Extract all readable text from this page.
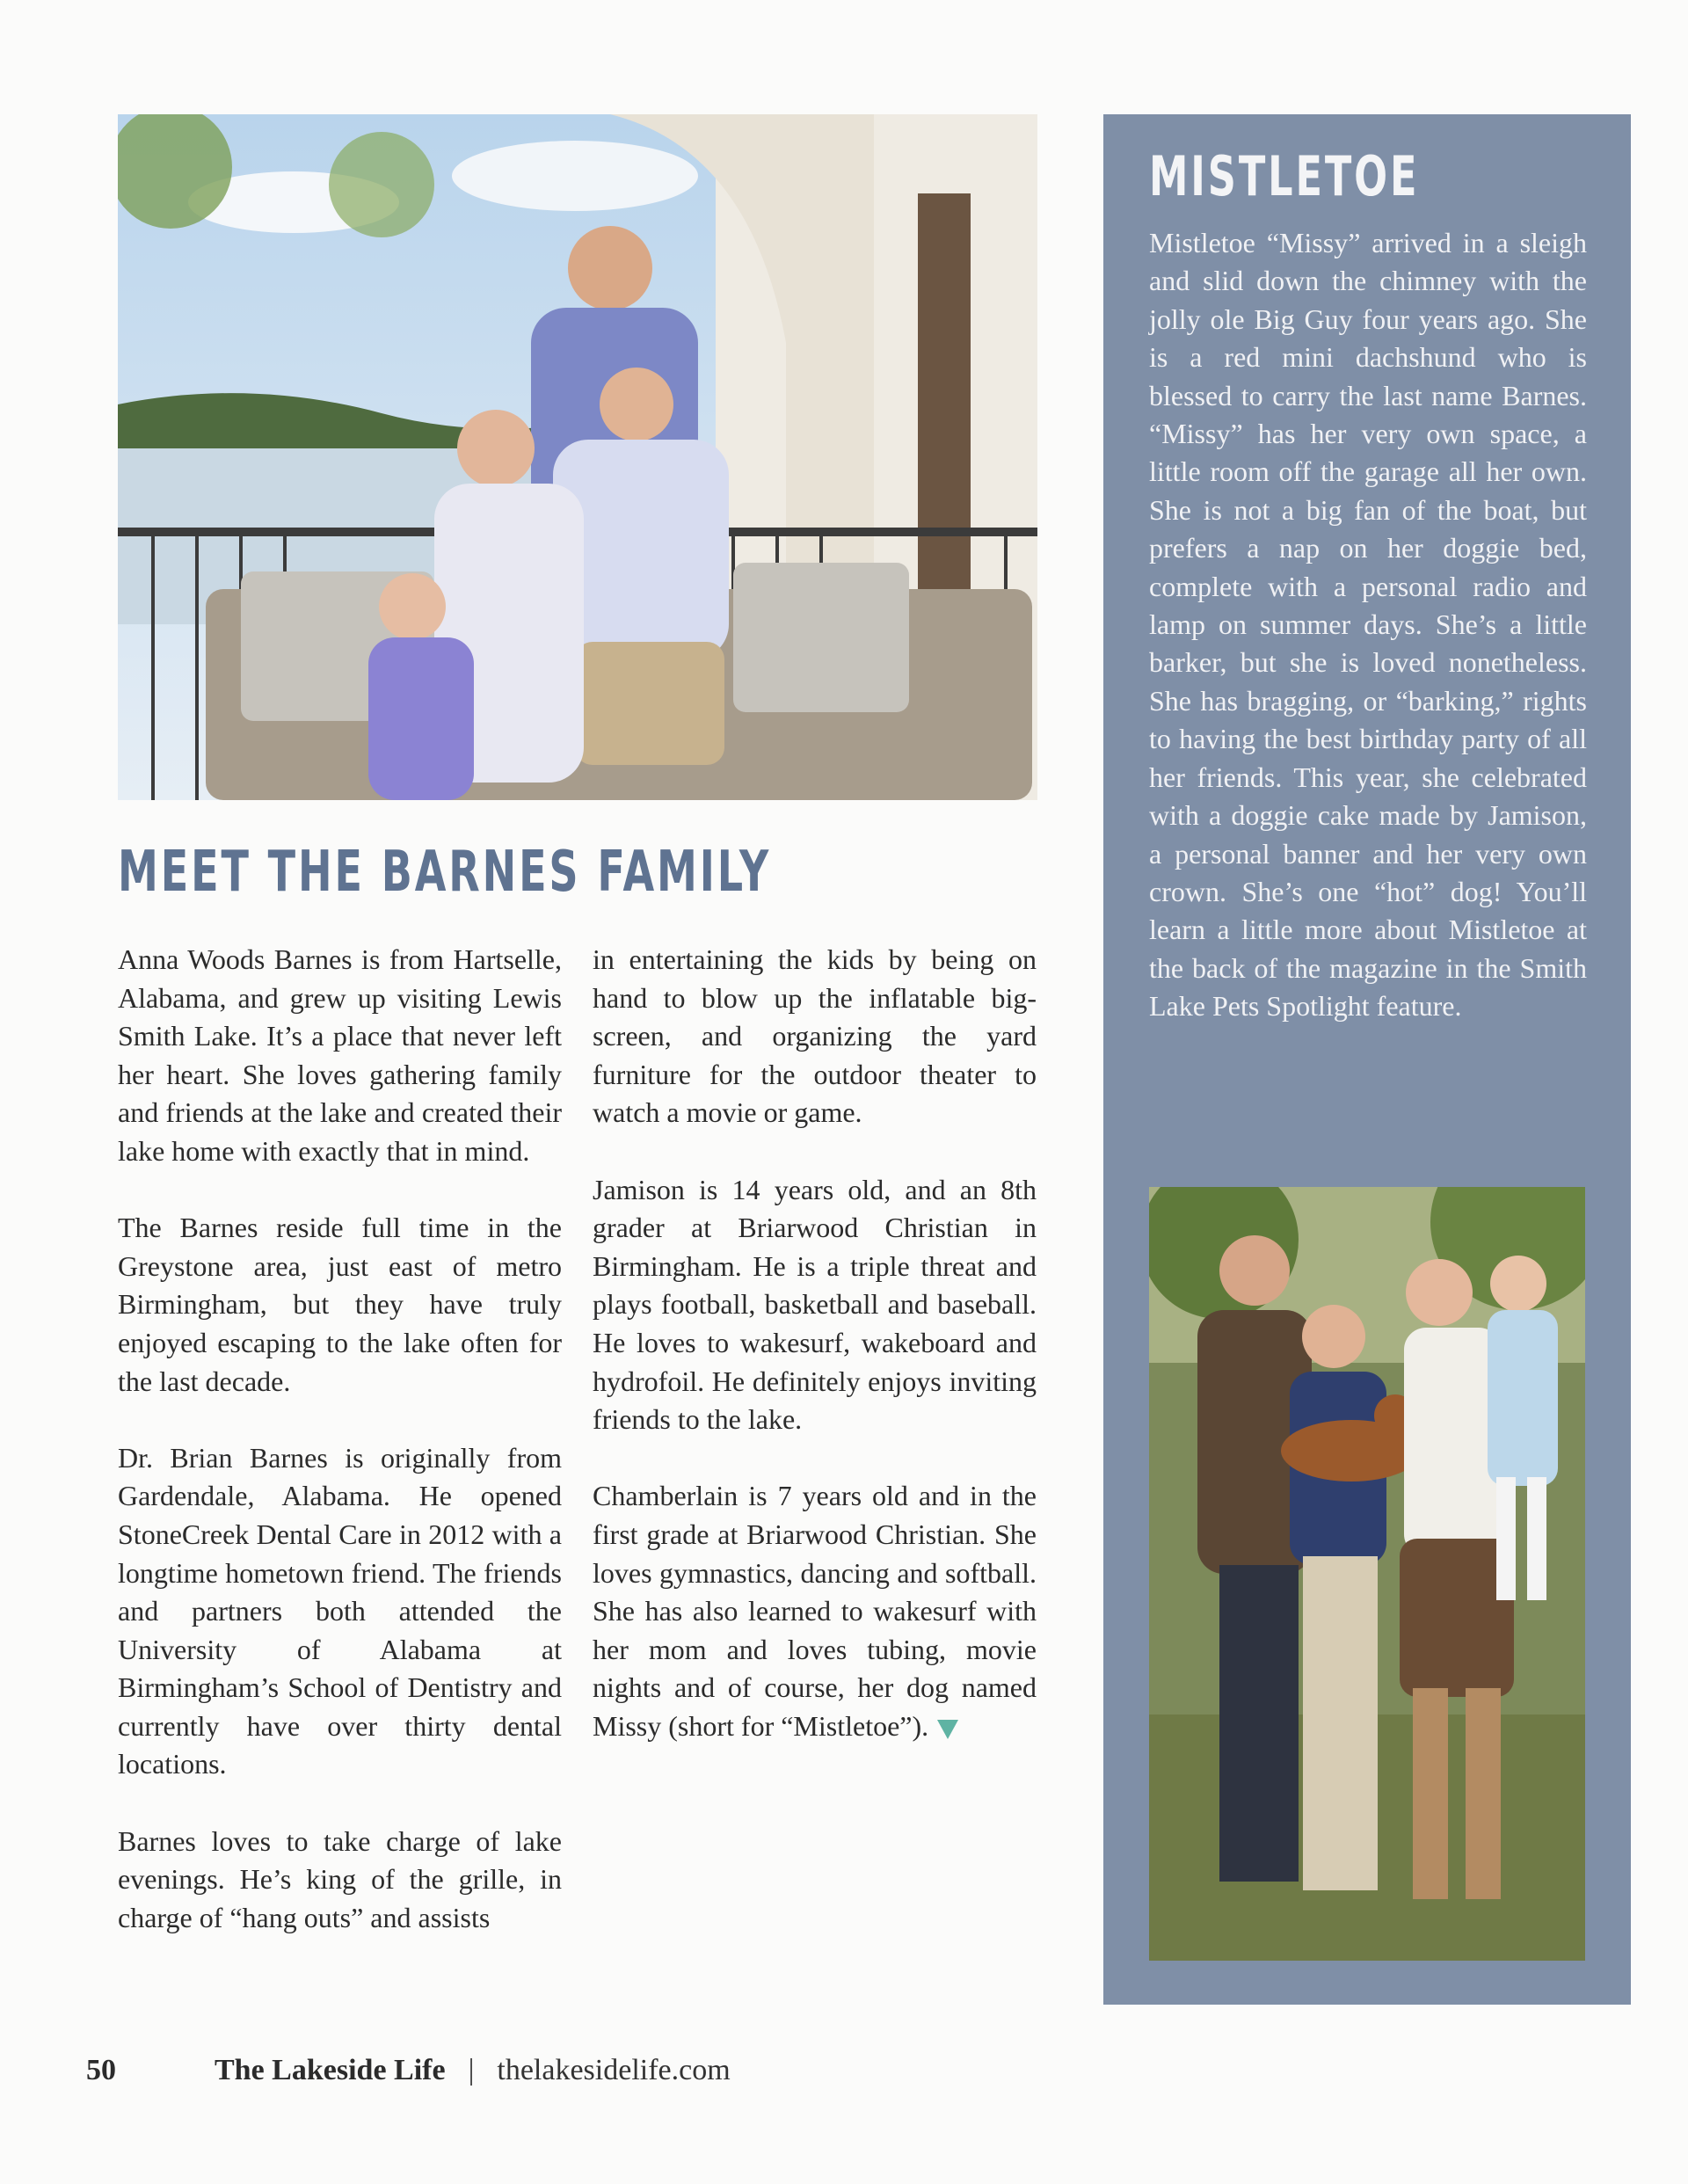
MEET THE BARNES FAMILY

Anna Woods Barnes is from Hartselle, Alabama, and grew up visiting Lewis Smith Lake. It’s a place that never left her heart. She loves gathering family and friends at the lake and created their lake home with exactly that in mind.

The Barnes reside full time in the Greystone area, just east of metro Birmingham, but they have truly enjoyed escaping to the lake often for the last decade.

Dr. Brian Barnes is originally from Gardendale, Alabama. He opened StoneCreek Dental Care in 2012 with a longtime hometown friend. The friends and partners both attended the University of Alabama at Birmingham’s School of Dentistry and currently have over thirty dental locations.

Barnes loves to take charge of lake evenings. He’s king of the grille, in charge of “hang outs” and assists

in entertaining the kids by being on hand to blow up the inflatable big-screen, and organizing the yard furniture for the outdoor theater to watch a movie or game.

Jamison is 14 years old, and an 8th grader at Briarwood Christian in Birmingham. He is a triple threat and plays football, basketball and baseball. He loves to wakesurf, wakeboard and hydrofoil. He definitely enjoys inviting friends to the lake.

Chamberlain is 7 years old and in the first grade at Briarwood Christian. She loves gymnastics, dancing and softball. She has also learned to wakesurf with her mom and loves tubing, movie nights and of course, her dog named Missy (short for “Mistletoe”).

MISTLETOE

Mistletoe “Missy” arrived in a sleigh and slid down the chimney with the jolly ole Big Guy four years ago. She is a red mini dachshund who is blessed to carry the last name Barnes. “Missy” has her very own space, a little room off the garage all her own. She is not a big fan of the boat, but prefers a nap on her doggie bed, complete with a personal radio and lamp on summer days. She’s a little barker, but she is loved nonetheless. She has bragging, or “barking,” rights to having the best birthday party of all her friends. This year, she celebrated with a doggie cake made by Jamison, a personal banner and her very own crown. She’s one “hot” dog! You’ll learn a little more about Mistletoe at the back of the magazine in the Smith Lake Pets Spotlight feature.

50	The Lakeside Life | thelakesidelife.com
